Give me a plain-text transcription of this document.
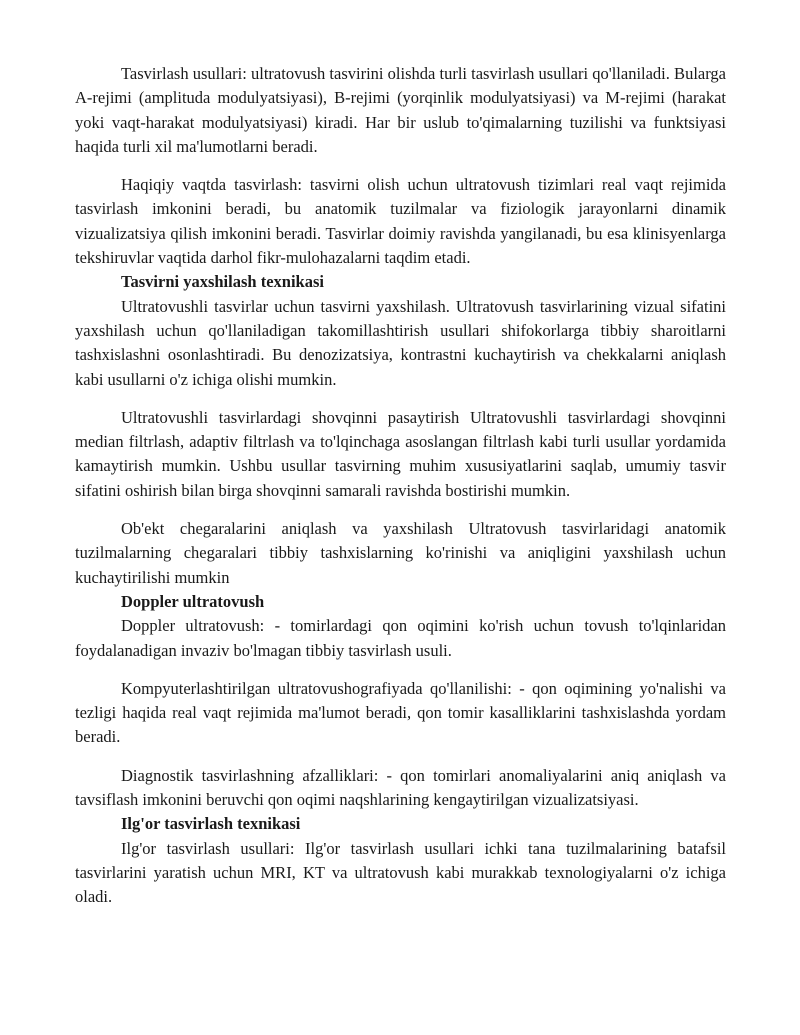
Tasvirlash usullari: ultratovush tasvirini olishda turli tasvirlash usullari qo'llaniladi. Bularga A-rejimi (amplituda modulyatsiyasi), B-rejimi (yorqinlik modulyatsiyasi) va M-rejimi (harakat yoki vaqt-harakat modulyatsiyasi) kiradi. Har bir uslub to'qimalarning tuzilishi va funktsiyasi haqida turli xil ma'lumotlarni beradi.

Haqiqiy vaqtda tasvirlash: tasvirni olish uchun ultratovush tizimlari real vaqt rejimida tasvirlash imkonini beradi, bu anatomik tuzilmalar va fiziologik jarayonlarni dinamik vizualizatsiya qilish imkonini beradi. Tasvirlar doimiy ravishda yangilanadi, bu esa klinisyenlarga tekshiruvlar vaqtida darhol fikr-mulohazalarni taqdim etadi.

Tasvirni yaxshilash texnikasi

Ultratovushli tasvirlar uchun tasvirni yaxshilash. Ultratovush tasvirlarining vizual sifatini yaxshilash uchun qo'llaniladigan takomillashtirish usullari shifokorlarga tibbiy sharoitlarni tashxislashni osonlashtiradi. Bu denozizatsiya, kontrastni kuchaytirish va chekkalarni aniqlash kabi usullarni o'z ichiga olishi mumkin.

Ultratovushli tasvirlardagi shovqinni pasaytirish Ultratovushli tasvirlardagi shovqinni median filtrlash, adaptiv filtrlash va to'lqinchaga asoslangan filtrlash kabi turli usullar yordamida kamaytirish mumkin. Ushbu usullar tasvirning muhim xususiyatlarini saqlab, umumiy tasvir sifatini oshirish bilan birga shovqinni samarali ravishda bostirishi mumkin.

Ob'ekt chegaralarini aniqlash va yaxshilash Ultratovush tasvirlaridagi anatomik tuzilmalarning chegaralari tibbiy tashxislarning ko'rinishi va aniqligini yaxshilash uchun kuchaytirilishi mumkin

Doppler ultratovush

Doppler ultratovush: - tomirlardagi qon oqimini ko'rish uchun tovush to'lqinlaridan foydalanadigan invaziv bo'lmagan tibbiy tasvirlash usuli.

Kompyuterlashtirilgan ultratovushografiyada qo'llanilishi: - qon oqimining yo'nalishi va tezligi haqida real vaqt rejimida ma'lumot beradi, qon tomir kasalliklarini tashxislashda yordam beradi.

Diagnostik tasvirlashning afzalliklari: - qon tomirlari anomaliyalarini aniq aniqlash va tavsiflash imkonini beruvchi qon oqimi naqshlarining kengaytirilgan vizualizatsiyasi.

Ilg'or tasvirlash texnikasi

Ilg'or tasvirlash usullari: Ilg'or tasvirlash usullari ichki tana tuzilmalarining batafsil tasvirlarini yaratish uchun MRI, KT va ultratovush kabi murakkab texnologiyalarni o'z ichiga oladi.
